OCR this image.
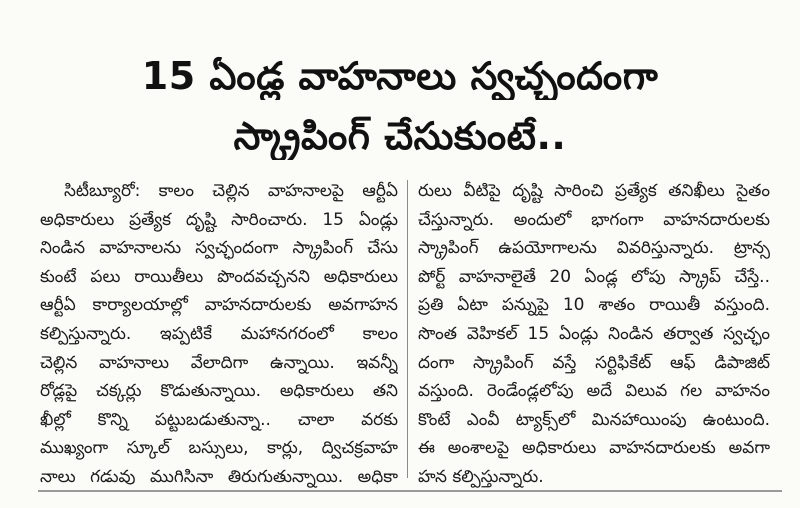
15 ఏండ్ల వాహనాలు స్వచ్ఛందంగా
స్క్రాపింగ్ చేసుకుంటే..
సిటీబ్యూరో: కాలం చెల్లిన వాహనాలపై ఆర్టీఏ
అధికారులు ప్రత్యేక దృష్టి సారించారు. 15 ఏండ్లు
నిండిన వాహనాలను స్వచ్ఛందంగా స్క్రాపింగ్ చేసు
కుంటే పలు రాయితీలు పొందవచ్చనని అధికారులు
ఆర్టీఏ కార్యాలయాల్లో వాహనదారులకు అవగాహన
కల్పిస్తున్నారు. ఇప్పటికే మహానగరంలో కాలం
చెల్లిన వాహనాలు వేలాదిగా ఉన్నాయి. ఇవన్నీ
రోడ్లపై చక్కర్లు కొడుతున్నాయి. అధికారులు తని
ఖీల్లో కొన్ని పట్టుబడుతున్నా.. చాలా వరకు
ముఖ్యంగా స్కూల్ బస్సులు, కార్లు, ద్విచక్రవాహ
నాలు గడువు ముగిసినా తిరుగుతున్నాయి. అధికా
రులు వీటిపై దృష్టి సారించి ప్రత్యేక తనిఖీలు సైతం
చేస్తున్నారు. అందులో భాగంగా వాహనదారులకు
స్క్రాపింగ్ ఉపయోగాలను వివరిస్తున్నారు. ట్రాన్స
పోర్ట్ వాహనాలైతే 20 ఏండ్ల లోపు స్క్రాప్ చేస్తే..
ప్రతి ఏటా పన్నుపై 10 శాతం రాయితీ వస్తుంది.
సొంత వెహికల్ 15 ఏండ్లు నిండిన తర్వాత స్వచ్ఛం
దంగా స్క్రాపింగ్ వస్తే సర్టిఫికేట్ ఆఫ్ డిపాజిట్
వస్తుంది. రెండేండ్లలోపు అదే విలువ గల వాహనం
కొంటే ఎంవీ ట్యాక్స్‌లో మినహాయింపు ఉంటుంది.
ఈ అంశాలపై అధికారులు వాహనదారులకు అవగా
హన కల్పిస్తున్నారు.
